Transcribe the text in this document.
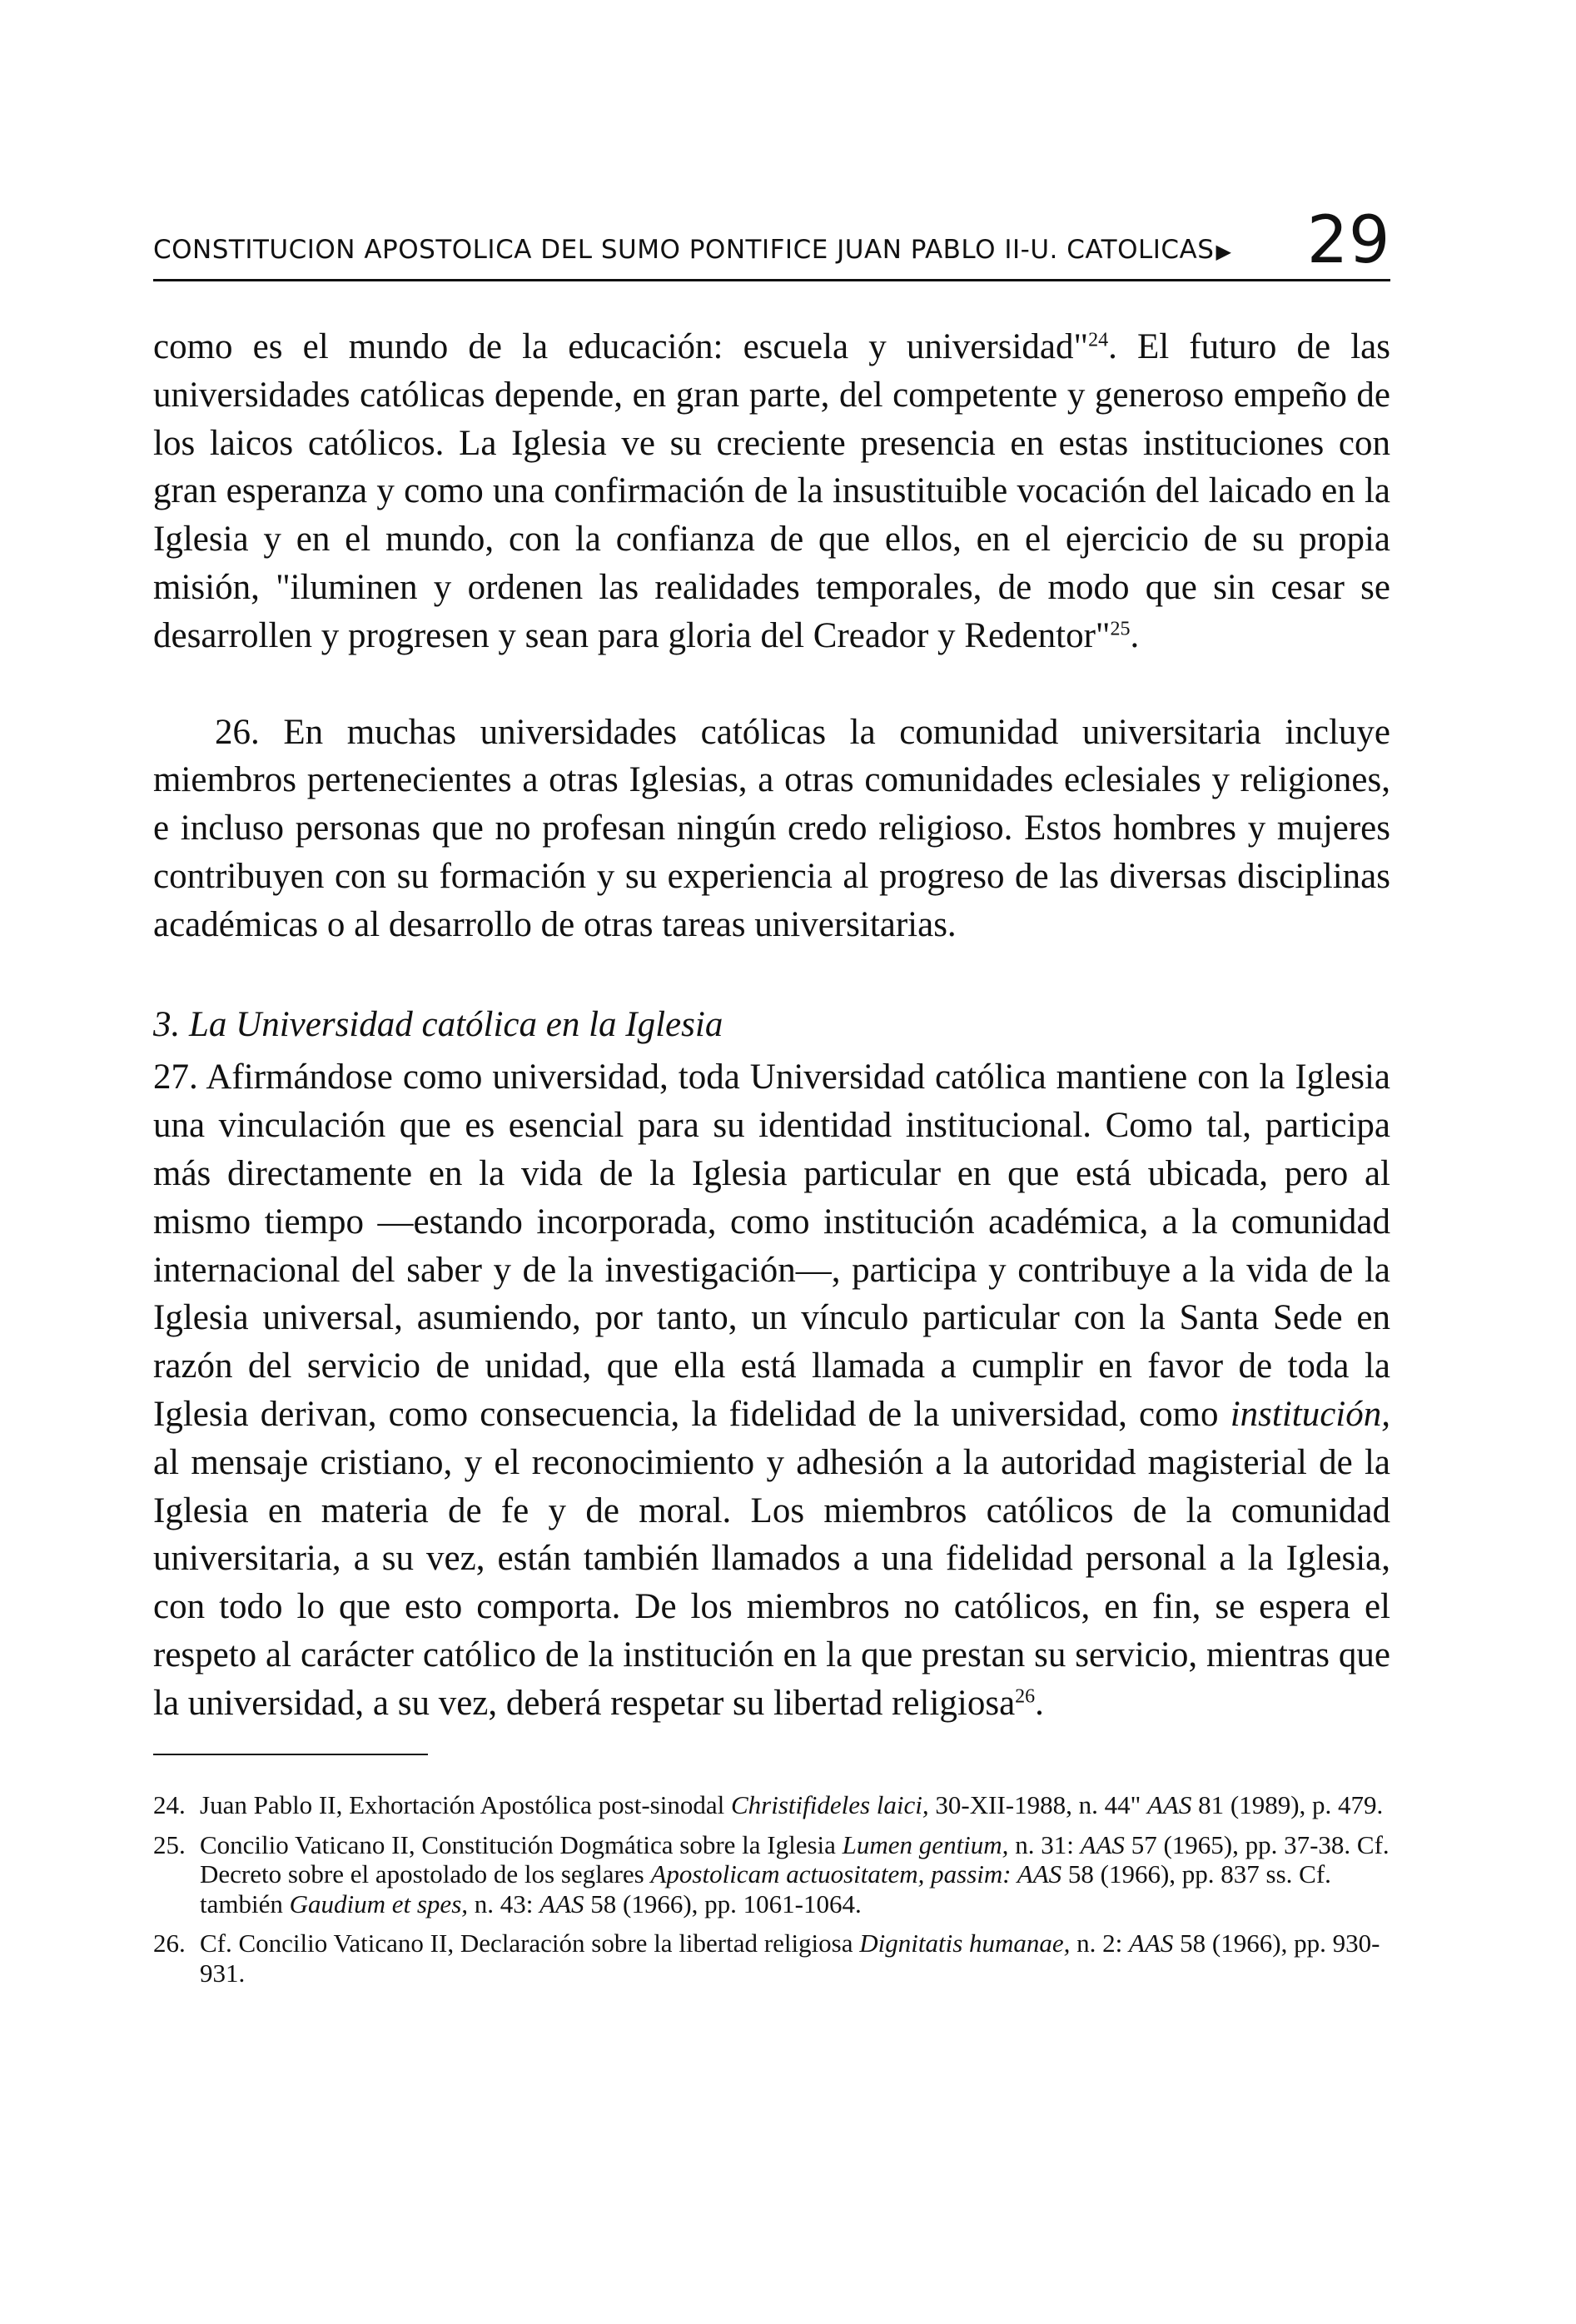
CONSTITUCION APOSTOLICA DEL SUMO PONTIFICE JUAN PABLO II-U. CATOLICAS▶ 29

como es el mundo de la educación: escuela y universidad"$^{24}$. El futuro de las universidades católicas depende, en gran parte, del competente y generoso empeño de los laicos católicos. La Iglesia ve su creciente presencia en estas instituciones con gran esperanza y como una confirmación de la insustituible vocación del laicado en la Iglesia y en el mundo, con la confianza de que ellos, en el ejercicio de su propia misión, "iluminen y ordenen las realidades temporales, de modo que sin cesar se desarrollen y progresen y sean para gloria del Creador y Redentor"$^{25}$.

26. En muchas universidades católicas la comunidad universitaria incluye miembros pertenecientes a otras Iglesias, a otras comunidades eclesiales y religiones, e incluso personas que no profesan ningún credo religioso. Estos hombres y mujeres contribuyen con su formación y su experiencia al progreso de las diversas disciplinas académicas o al desarrollo de otras tareas universitarias.

3. La Universidad católica en la Iglesia

27. Afirmándose como universidad, toda Universidad católica mantiene con la Iglesia una vinculación que es esencial para su identidad institucional. Como tal, participa más directamente en la vida de la Iglesia particular en que está ubicada, pero al mismo tiempo —estando incorporada, como institución académica, a la comunidad internacional del saber y de la investigación—, participa y contribuye a la vida de la Iglesia universal, asumiendo, por tanto, un vínculo particular con la Santa Sede en razón del servicio de unidad, que ella está llamada a cumplir en favor de toda la Iglesia derivan, como consecuencia, la fidelidad de la universidad, como institución, al mensaje cristiano, y el reconocimiento y adhesión a la autoridad magisterial de la Iglesia en materia de fe y de moral. Los miembros católicos de la comunidad universitaria, a su vez, están también llamados a una fidelidad personal a la Iglesia, con todo lo que esto comporta. De los miembros no católicos, en fin, se espera el respeto al carácter católico de la institución en la que prestan su servicio, mientras que la universidad, a su vez, deberá respetar su libertad religiosa$^{26}$.

24. Juan Pablo II, Exhortación Apostólica post-sinodal Christifideles laici, 30-XII-1988, n. 44" AAS 81 (1989), p. 479.
25. Concilio Vaticano II, Constitución Dogmática sobre la Iglesia Lumen gentium, n. 31: AAS 57 (1965), pp. 37-38. Cf. Decreto sobre el apostolado de los seglares Apostolicam actuositatem, passim: AAS 58 (1966), pp. 837 ss. Cf. también Gaudium et spes, n. 43: AAS 58 (1966), pp. 1061-1064.
26. Cf. Concilio Vaticano II, Declaración sobre la libertad religiosa Dignitatis humanae, n. 2: AAS 58 (1966), pp. 930-931.
